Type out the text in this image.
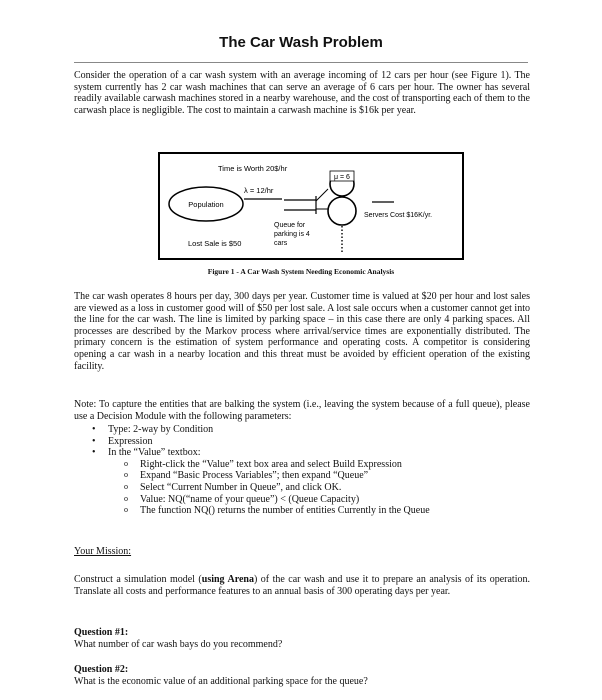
The Car Wash Problem
Consider the operation of a car wash system with an average incoming of 12 cars per hour (see Figure 1). The system currently has 2 car wash machines that can serve an average of 6 cars per hour. The owner has several readily available carwash machines stored in a nearby warehouse, and the cost of transporting each of them to the carwash place is negligible. The cost to maintain a carwash machine is $16k per year.
Time is Worth 20$/hr
Population
λ = 12/hr
μ = 6
Servers Cost $16K/yr.
Queue for
parking is 4
cars
Lost Sale is $50
Figure 1 - A Car Wash System Needing Economic Analysis
The car wash operates 8 hours per day, 300 days per year. Customer time is valued at $20 per hour and lost sales are viewed as a loss in customer good will of $50 per lost sale. A lost sale occurs when a customer cannot get into the line for the car wash. The line is limited by parking space – in this case there are only 4 parking spaces. All processes are described by the Markov process where arrival/service times are exponentially distributed. The primary concern is the estimation of system performance and operating costs. A competitor is considering opening a car wash in a nearby location and this threat must be avoided by efficient operation of the existing facility.
Note: To capture the entities that are balking the system (i.e., leaving the system because of a full queue), please use a Decision Module with the following parameters:
• Type: 2-way by Condition
• Expression
• In the “Value” textbox:
o Right-click the “Value” text box area and select Build Expression
o Expand “Basic Process Variables”; then expand “Queue”
o Select “Current Number in Queue”, and click OK.
o Value: NQ(“name of your queue”) < (Queue Capacity)
o The function NQ() returns the number of entities Currently in the Queue
Your Mission:
Construct a simulation model (using Arena) of the car wash and use it to prepare an analysis of its operation. Translate all costs and performance features to an annual basis of 300 operating days per year.
Question #1:
What number of car wash bays do you recommend?
Question #2:
What is the economic value of an additional parking space for the queue?
